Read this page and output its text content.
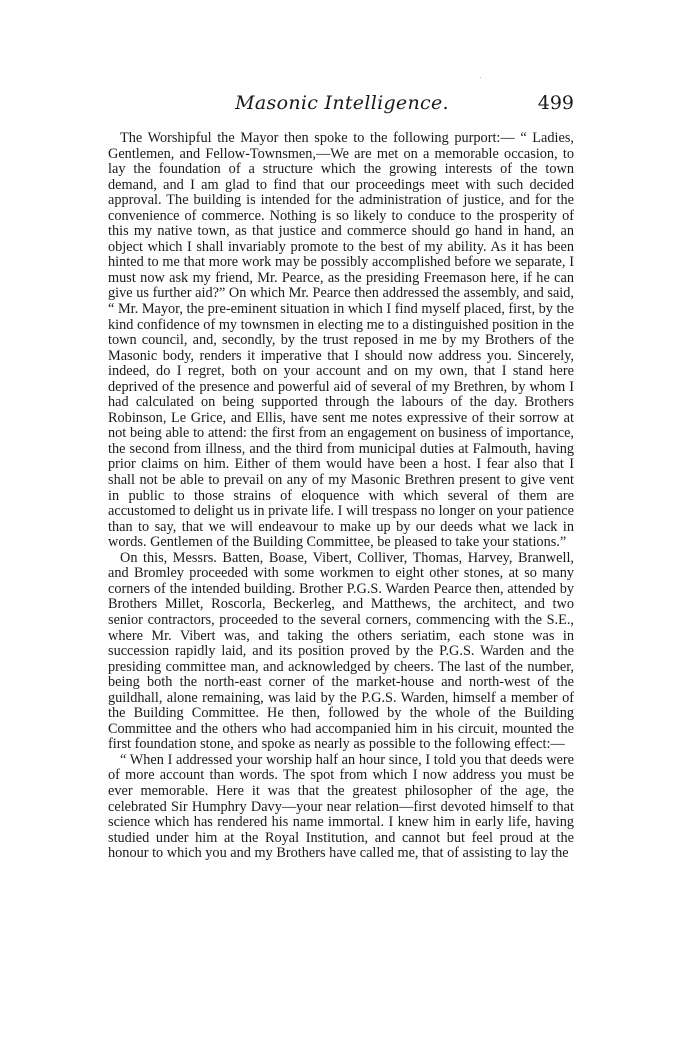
Masonic Intelligence.	499

The Worshipful the Mayor then spoke to the following purport:— “ Ladies, Gentlemen, and Fellow-Townsmen,—We are met on a memorable occasion, to lay the foundation of a structure which the growing interests of the town demand, and I am glad to find that our proceedings meet with such decided approval. The building is intended for the administration of justice, and for the convenience of commerce. Nothing is so likely to conduce to the prosperity of this my native town, as that justice and commerce should go hand in hand, an object which I shall invariably promote to the best of my ability. As it has been hinted to me that more work may be possibly accomplished before we separate, I must now ask my friend, Mr. Pearce, as the presiding Freemason here, if he can give us further aid?” On which Mr. Pearce then addressed the assembly, and said, “ Mr. Mayor, the pre-eminent situation in which I find myself placed, first, by the kind confidence of my townsmen in electing me to a distinguished position in the town council, and, secondly, by the trust reposed in me by my Brothers of the Masonic body, renders it imperative that I should now address you. Sincerely, indeed, do I regret, both on your account and on my own, that I stand here deprived of the presence and powerful aid of several of my Brethren, by whom I had calculated on being supported through the labours of the day. Brothers Robinson, Le Grice, and Ellis, have sent me notes expressive of their sorrow at not being able to attend: the first from an engagement on business of importance, the second from illness, and the third from municipal duties at Falmouth, having prior claims on him. Either of them would have been a host. I fear also that I shall not be able to prevail on any of my Masonic Brethren present to give vent in public to those strains of eloquence with which several of them are accustomed to delight us in private life. I will trespass no longer on your patience than to say, that we will endeavour to make up by our deeds what we lack in words. Gentlemen of the Building Committee, be pleased to take your stations.”

On this, Messrs. Batten, Boase, Vibert, Colliver, Thomas, Harvey, Branwell, and Bromley proceeded with some workmen to eight other stones, at so many corners of the intended building. Brother P.G.S. Warden Pearce then, attended by Brothers Millet, Roscorla, Beckerleg, and Matthews, the architect, and two senior contractors, proceeded to the several corners, commencing with the S.E., where Mr. Vibert was, and taking the others seriatim, each stone was in succession rapidly laid, and its position proved by the P.G.S. Warden and the presiding committee man, and acknowledged by cheers. The last of the number, being both the north-east corner of the market-house and north-west of the guildhall, alone remaining, was laid by the P.G.S. Warden, himself a member of the Building Committee. He then, followed by the whole of the Building Committee and the others who had accompanied him in his circuit, mounted the first foundation stone, and spoke as nearly as possible to the following effect:—

“ When I addressed your worship half an hour since, I told you that deeds were of more account than words. The spot from which I now address you must be ever memorable. Here it was that the greatest philosopher of the age, the celebrated Sir Humphry Davy—your near relation—first devoted himself to that science which has rendered his name immortal. I knew him in early life, having studied under him at the Royal Institution, and cannot but feel proud at the honour to which you and my Brothers have called me, that of assisting to lay the
